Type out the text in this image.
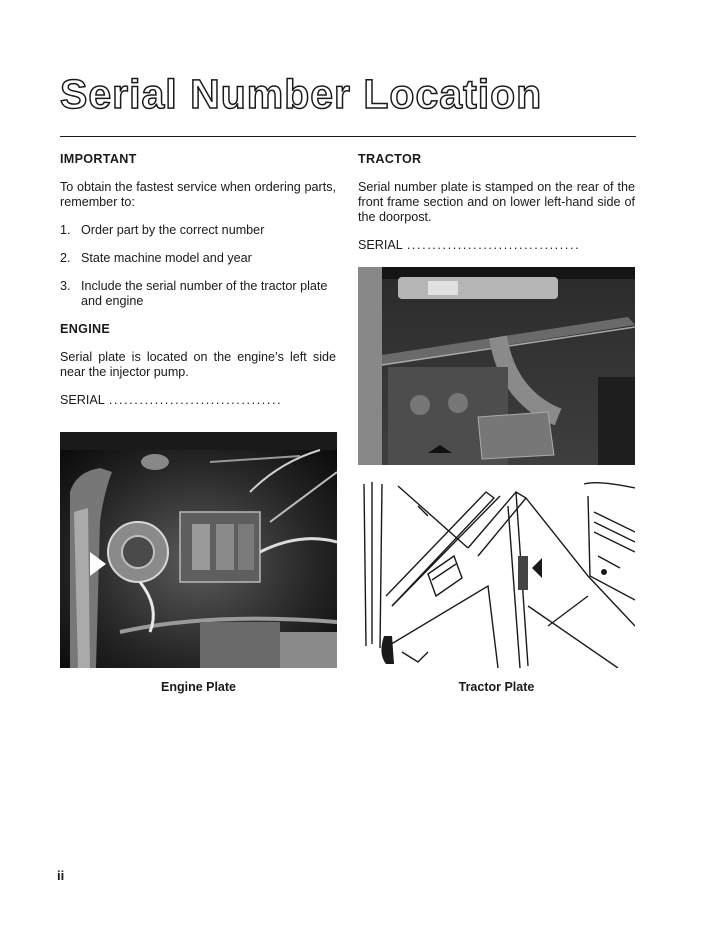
Serial Number Location

IMPORTANT

To obtain the fastest service when ordering parts, remember to:

1. Order part by the correct number
2. State machine model and year
3. Include the serial number of the tractor plate and engine

ENGINE

Serial plate is located on the engine’s left side near the injector pump.

SERIAL ..................................

TRACTOR

Serial number plate is stamped on the rear of the front frame section and on lower left-hand side of the doorpost.

SERIAL ..................................
Engine Plate	Tractor Plate
ii
